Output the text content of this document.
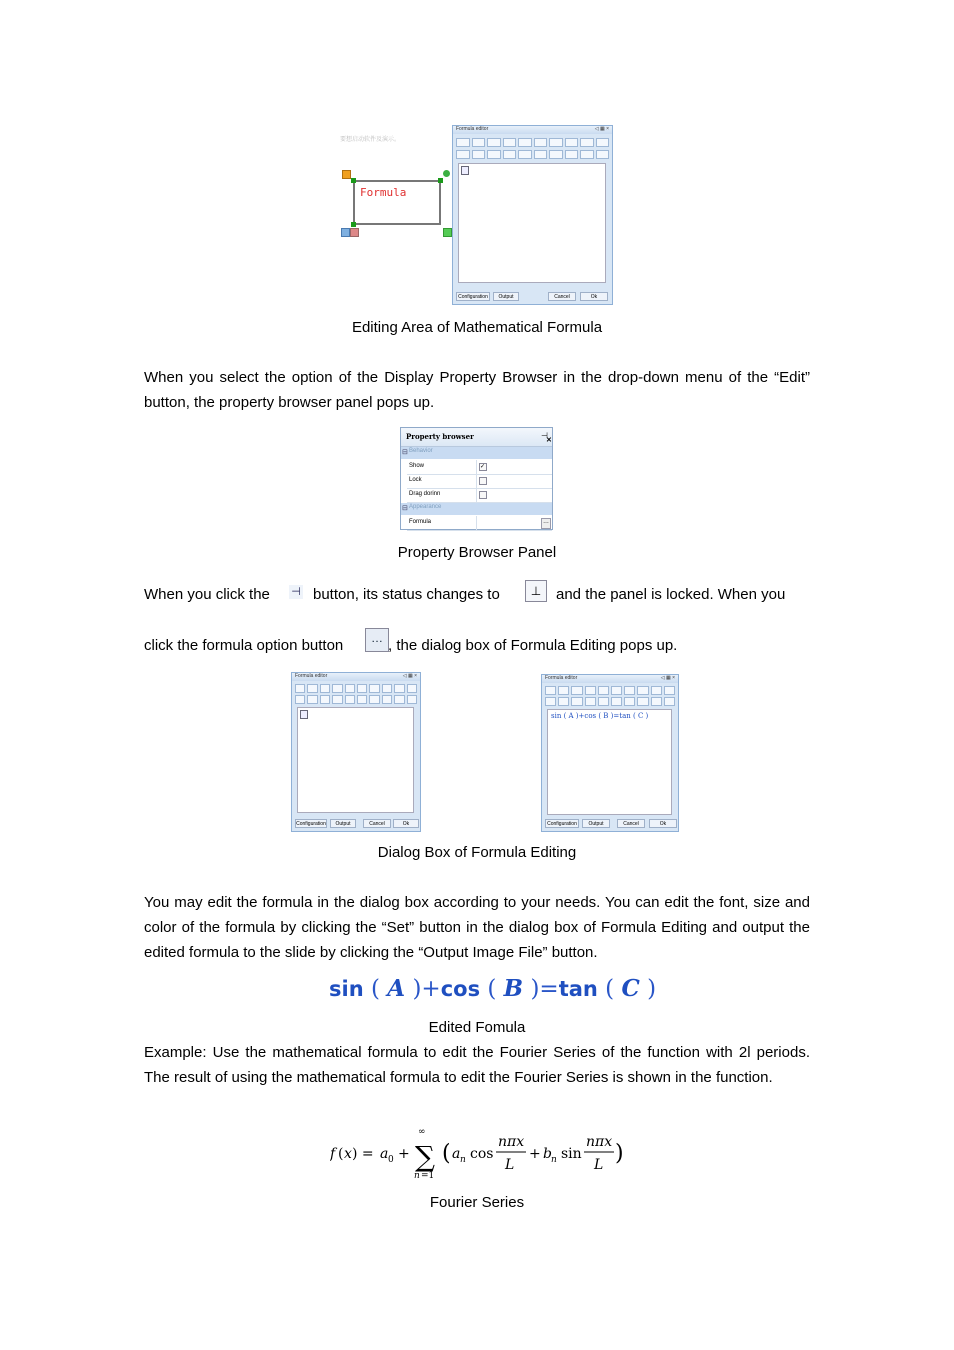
要想启动软件及演示。
Formula
Formula editor	◁ ▦ ×
Configuration	Output	Cancel	Ok
Editing Area of Mathematical Formula
When you select the option of the Display Property Browser in the drop-down menu of the “Edit” button, the property browser panel pops up.
Property browser	⊣
✕
⊟ Behavior
Show	✓
Lock
Drag dorinn
⊟ Appearance
Formula	…
Property Browser Panel
When you click the ⊣ button, its status changes to	⊥ and the panel is locked. When you
click the formula option button	… , the dialog box of Formula Editing pops up.
Formula editor	◁ ▦ ×
Configuration	Output	Cancel	Ok
Formula editor	◁ ▦ ×
sin ( A )+cos ( B )=tan ( C )
Configuration	Output	Cancel	Ok
Dialog Box of Formula Editing
You may edit the formula in the dialog box according to your needs. You can edit the font, size and color of the formula by clicking the “Set” button in the dialog box of Formula Editing and output the edited formula to the slide by clicking the “Output Image File” button.
sin ( A )+cos ( B )=tan ( C )
Edited Fomula
Example: Use the mathematical formula to edit the Fourier Series of the function with 2l periods. The result of using the mathematical formula to edit the Fourier Series is shown in the function.
f ( x ) = a 0 +
∞
∑
n =1
( a n cos
nπx
L
+ b n sin
nπx
L )
Fourier Series
